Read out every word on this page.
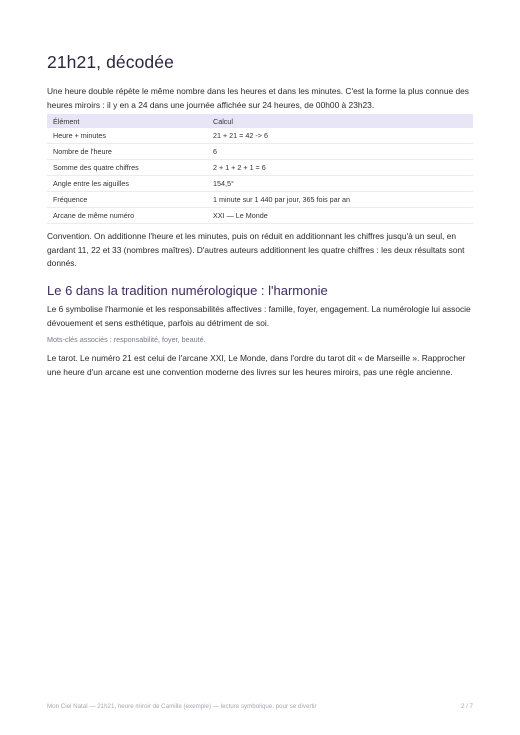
21h21, décodée

Une heure double répète le même nombre dans les heures et dans les minutes. C'est la forme la plus connue des heures miroirs : il y en a 24 dans une journée affichée sur 24 heures, de 00h00 à 23h23.

Élément	Calcul
Heure + minutes	21 + 21 = 42 -> 6
Nombre de l'heure	6
Somme des quatre chiffres	2 + 1 + 2 + 1 = 6
Angle entre les aiguilles	154,5°
Fréquence	1 minute sur 1 440 par jour, 365 fois par an
Arcane de même numéro	XXI — Le Monde

Convention. On additionne l'heure et les minutes, puis on réduit en additionnant les chiffres jusqu'à un seul, en gardant 11, 22 et 33 (nombres maîtres). D'autres auteurs additionnent les quatre chiffres : les deux résultats sont donnés.

Le 6 dans la tradition numérologique : l'harmonie

Le 6 symbolise l'harmonie et les responsabilités affectives : famille, foyer, engagement. La numérologie lui associe dévouement et sens esthétique, parfois au détriment de soi.

Mots-clés associés : responsabilité, foyer, beauté.

Le tarot. Le numéro 21 est celui de l'arcane XXI, Le Monde, dans l'ordre du tarot dit « de Marseille ». Rapprocher une heure d'un arcane est une convention moderne des livres sur les heures miroirs, pas une règle ancienne.

Mon Ciel Natal — 21h21, heure miroir de Camille (exemple) — lecture symbolique, pour se divertir	2 / 7
